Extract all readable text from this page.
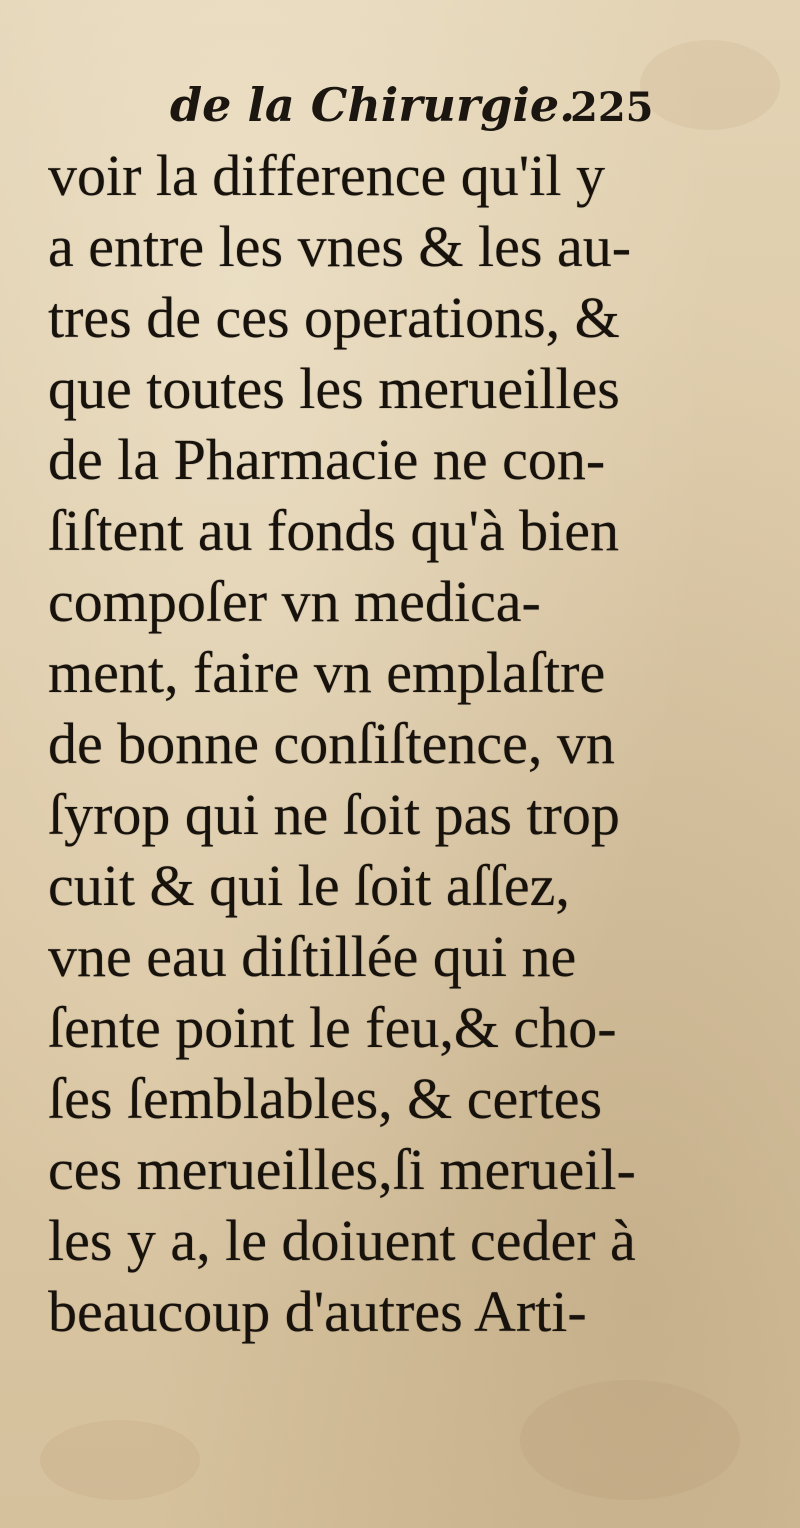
de la Chirurgie.
225
voir la difference qu'il y
a entre les vnes & les au-
tres de ces operations, &
que toutes les merueilles
de la Pharmacie ne con-
ſiſtent au fonds qu'à bien
compoſer vn medica-
ment, faire vn emplaſtre
de bonne conſiſtence, vn
ſyrop qui ne ſoit pas trop
cuit & qui le ſoit aſſez,
vne eau diſtillée qui ne
ſente point le feu,& cho-
ſes ſemblables, & certes
ces merueilles,ſi merueil-
les y a, le doiuent ceder à
beaucoup d'autres Arti-
